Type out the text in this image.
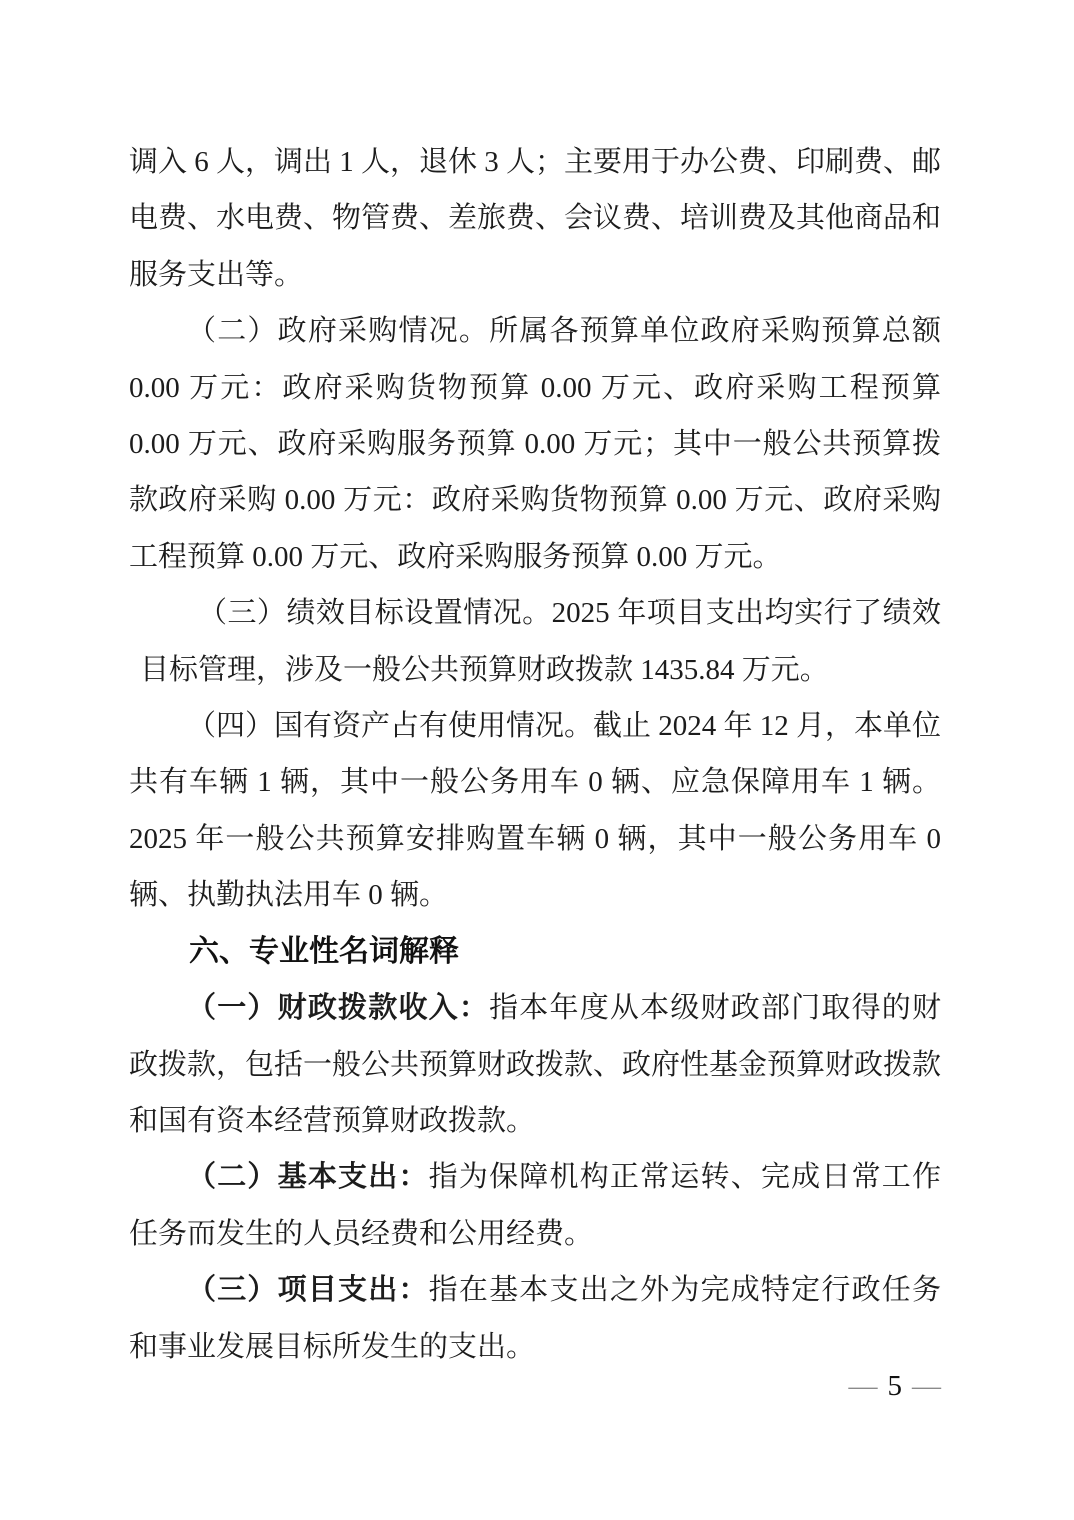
调入 6 人，调出 1 人，退休 3 人；主要用于办公费、印刷费、邮电费、水电费、物管费、差旅费、会议费、培训费及其他商品和服务支出等。

（二）政府采购情况。所属各预算单位政府采购预算总额 0.00 万元：政府采购货物预算 0.00 万元、政府采购工程预算 0.00 万元、政府采购服务预算 0.00 万元；其中一般公共预算拨款政府采购 0.00 万元：政府采购货物预算 0.00 万元、政府采购工程预算 0.00 万元、政府采购服务预算 0.00 万元。

（三）绩效目标设置情况。2025 年项目支出均实行了绩效目标管理，涉及一般公共预算财政拨款 1435.84 万元。

（四）国有资产占有使用情况。截止 2024 年 12 月，本单位共有车辆 1 辆，其中一般公务用车 0 辆、应急保障用车 1 辆。2025 年一般公共预算安排购置车辆 0 辆，其中一般公务用车 0 辆、执勤执法用车 0 辆。

六、专业性名词解释

（一）财政拨款收入：指本年度从本级财政部门取得的财政拨款，包括一般公共预算财政拨款、政府性基金预算财政拨款和国有资本经营预算财政拨款。

（二）基本支出：指为保障机构正常运转、完成日常工作任务而发生的人员经费和公用经费。

（三）项目支出：指在基本支出之外为完成特定行政任务和事业发展目标所发生的支出。

— 5 —
